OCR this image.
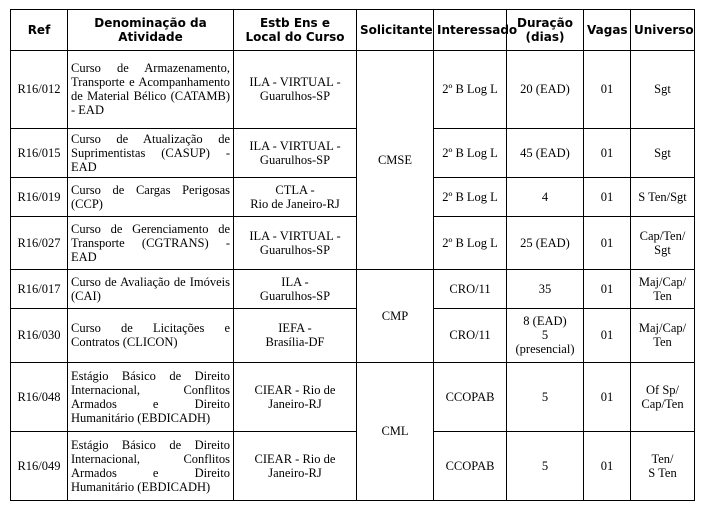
Ref	Denominação da Atividade	Estb Ens e
Local do Curso	Solicitante	Interessado	Duração
(dias)	Vagas	Universo
R16/012	Curso de Armazenamento, Transporte e Acompanhamento de Material Bélico (CATAMB) - EAD	ILA - VIRTUAL -
Guarulhos-SP	CMSE	2º B Log L	20 (EAD)	01	Sgt

R16/015	Curso de Atualização de Suprimentistas (CASUP) - EAD	ILA - VIRTUAL -
Guarulhos-SP		2º B Log L	45 (EAD)	01	Sgt

R16/019	Curso de Cargas Perigosas (CCP)	CTLA -
Rio de Janeiro-RJ		2º B Log L	4	01	S Ten/Sgt

R16/027	Curso de Gerenciamento de Transporte (CGTRANS) - EAD	ILA - VIRTUAL -
Guarulhos-SP		2º B Log L	25 (EAD)	01	Cap/Ten/
Sgt

R16/017	Curso de Avaliação de Imóveis (CAI)	ILA -
Guarulhos-SP	CMP	CRO/11	35	01	Maj/Cap/
Ten

R16/030	Curso de Licitações e Contratos (CLICON)	IEFA -
Brasília-DF		CRO/11	8 (EAD)
5
(presencial)	01	Maj/Cap/
Ten

R16/048	Estágio Básico de Direito Internacional, Conflitos Armados e Direito Humanitário (EBDICADH)	CIEAR - Rio de
Janeiro-RJ	CML	CCOPAB	5	01	Of Sp/
Cap/Ten

R16/049	Estágio Básico de Direito Internacional, Conflitos Armados e Direito Humanitário (EBDICADH)	CIEAR - Rio de
Janeiro-RJ		CCOPAB	5	01	Ten/
S Ten
